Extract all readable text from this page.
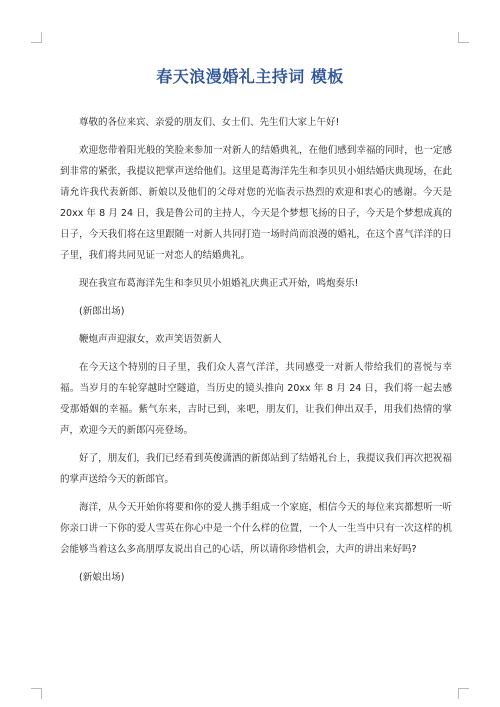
春天浪漫婚礼主持词 模板

尊敬的各位来宾、亲爱的朋友们、女士们、先生们大家上午好!

欢迎您带着阳光般的笑脸来参加一对新人的结婚典礼，在他们感到幸福的同时，也一定感到非常的紧张，我提议把掌声送给他们。这里是葛海洋先生和李贝贝小姐结婚庆典现场，在此请允许我代表新郎、新娘以及他们的父母对您的光临表示热烈的欢迎和衷心的感谢。今天是 20xx 年 8 月 24 日，我是鲁公司的主持人，今天是个梦想飞扬的日子，今天是个梦想成真的日子，今天我们将在这里跟随一对新人共同打造一场时尚而浪漫的婚礼，在这个喜气洋洋的日子里，我们将共同见证一对恋人的结婚典礼。

现在我宣布葛海洋先生和李贝贝小姐婚礼庆典正式开始，鸣炮奏乐!

(新郎出场)

鞭炮声声迎淑女，欢声笑语贺新人

在今天这个特别的日子里，我们众人喜气洋洋，共同感受一对新人带给我们的喜悦与幸福。当岁月的车轮穿越时空隧道，当历史的镜头推向 20xx 年 8 月 24 日，我们将一起去感受那婚姻的幸福。紫气东来，吉时已到，来吧，朋友们，让我们伸出双手，用我们热情的掌声，欢迎今天的新郎闪亮登场。

好了，朋友们，我们已经看到英俊潇洒的新郎站到了结婚礼台上，我提议我们再次把祝福的掌声送给今天的新郎官。

海洋，从今天开始你将要和你的爱人携手组成一个家庭，相信今天的每位来宾都想听一听你亲口讲一下你的爱人雪英在你心中是一个什么样的位置，一个人一生当中只有一次这样的机会能够当着这么多高朋厚友说出自己的心话，所以请你珍惜机会，大声的讲出来好吗?

(新娘出场)
